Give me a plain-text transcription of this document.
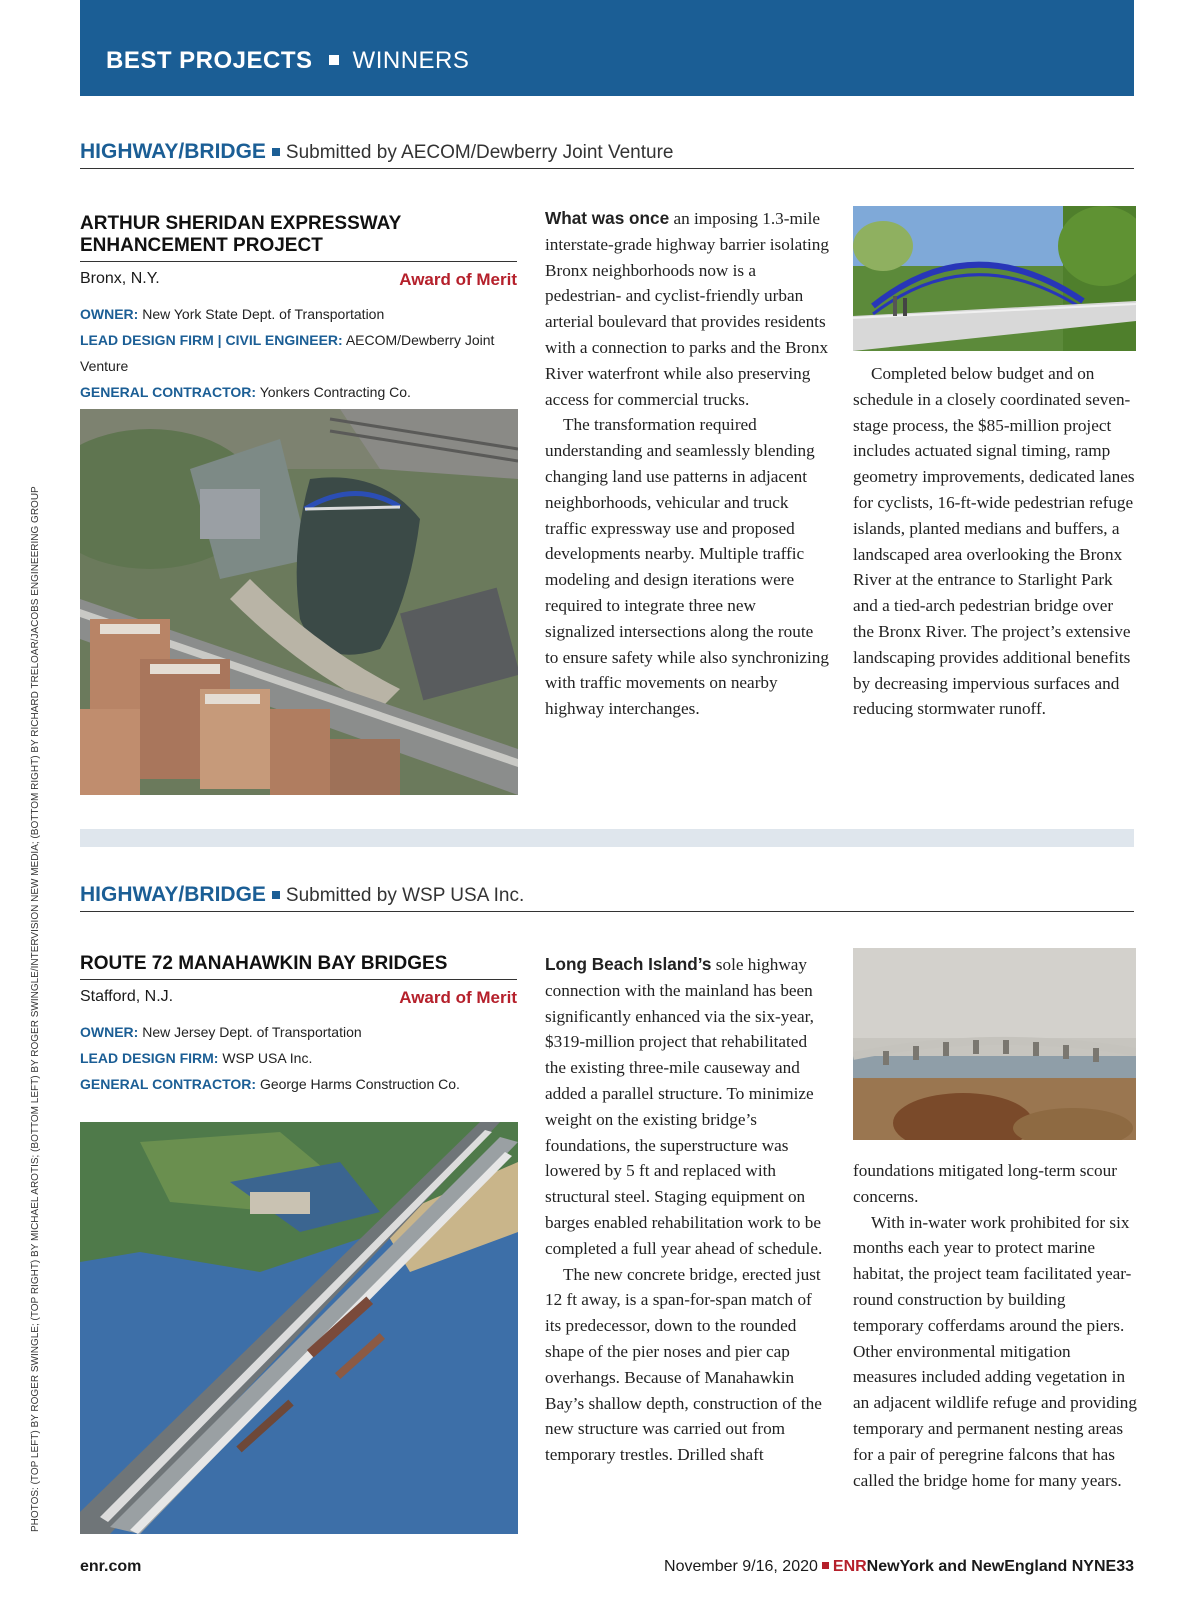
BEST PROJECTS WINNERS
HIGHWAY/BRIDGE Submitted by AECOM/Dewberry Joint Venture
ARTHUR SHERIDAN EXPRESSWAY ENHANCEMENT PROJECT
Bronx, N.Y.	Award of Merit
OWNER: New York State Dept. of Transportation
LEAD DESIGN FIRM | CIVIL ENGINEER: AECOM/Dewberry Joint Venture
GENERAL CONTRACTOR: Yonkers Contracting Co.

What was once an imposing 1.3-mile interstate-grade highway barrier isolating Bronx neighborhoods now is a pedestrian- and cyclist-friendly urban arterial boulevard that provides residents with a connection to parks and the Bronx River waterfront while also preserving access for commercial trucks.

The transformation required understanding and seamlessly blending changing land use patterns in adjacent neighborhoods, vehicular and truck traffic expressway use and proposed developments nearby. Multiple traffic modeling and design iterations were required to integrate three new signalized intersections along the route to ensure safety while also synchronizing with traffic movements on nearby highway interchanges.

Completed below budget and on schedule in a closely coordinated seven-stage process, the $85-million project includes actuated signal timing, ramp geometry improvements, dedicated lanes for cyclists, 16-ft-wide pedestrian refuge islands, planted medians and buffers, a landscaped area overlooking the Bronx River at the entrance to Starlight Park and a tied-arch pedestrian bridge over the Bronx River. The project’s extensive landscaping provides additional benefits by decreasing impervious surfaces and reducing stormwater runoff.

HIGHWAY/BRIDGE Submitted by WSP USA Inc.
ROUTE 72 MANAHAWKIN BAY BRIDGES
Stafford, N.J.	Award of Merit
OWNER: New Jersey Dept. of Transportation
LEAD DESIGN FIRM: WSP USA Inc.
GENERAL CONTRACTOR: George Harms Construction Co.

Long Beach Island’s sole highway connection with the mainland has been significantly enhanced via the six-year, $319-million project that rehabilitated the existing three-mile causeway and added a parallel structure. To minimize weight on the existing bridge’s foundations, the superstructure was lowered by 5 ft and replaced with structural steel. Staging equipment on barges enabled rehabilitation work to be completed a full year ahead of schedule.

The new concrete bridge, erected just 12 ft away, is a span-for-span match of its predecessor, down to the rounded shape of the pier noses and pier cap overhangs. Because of Manahawkin Bay’s shallow depth, construction of the new structure was carried out from temporary trestles. Drilled shaft

foundations mitigated long-term scour concerns.

With in-water work prohibited for six months each year to protect marine habitat, the project team facilitated year-round construction by building temporary cofferdams around the piers. Other environmental mitigation measures included adding vegetation in an adjacent wildlife refuge and providing temporary and permanent nesting areas for a pair of peregrine falcons that has called the bridge home for many years.

PHOTOS: (TOP LEFT) BY ROGER SWINGLE; (TOP RIGHT) BY MICHAEL AROTIS; (BOTTOM LEFT) BY ROGER SWINGLE/INTERVISION NEW MEDIA; (BOTTOM RIGHT) BY RICHARD TRELOAR/JACOBS ENGINEERING GROUP
enr.com	November 9/16, 2020 ENRNewYork and NewEngland NYNE33
